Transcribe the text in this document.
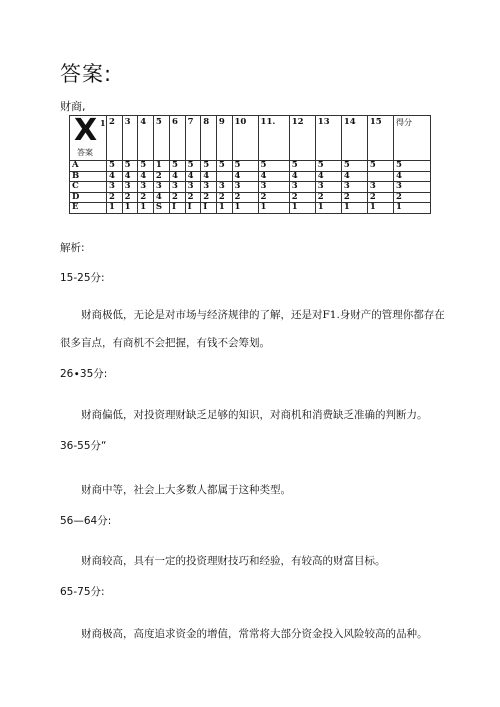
答案:
财商,
X 1
答案	2	3	4	5	6	7	8	9	10	11.	12	13	14	15	得分
A	5	5	5	1	5	5	5	5	5	5	5	5	5	5	5
B	4	4	4	2	4	4	4		4	4	4	4	4		4
C	3	3	3	3	3	3	3	3	3	3	3	3	3	3	3
D	2	2	2	4	2	2	2	2	2	2	2	2	2	2	2
E	1	1	1	S	I	I	I	1	1	1	1	1	1	1	1
解析:
15-25分:
财商极低，无论是对市场与经济规律的了解，还是对F1.身财产的管理你都存在很多盲点，有商机不会把握，有钱不会筹划。
26∙35分:
财商偏低，对投资理财缺乏足够的知识，对商机和消费缺乏准确的判断力。
36-55分“
财商中等，社会上大多数人都属于这种类型。
56—64分:
财商较高，具有一定的投资理财技巧和经验，有较高的财富目标。
65-75分:
财商极高，高度追求资金的增值，常常将大部分资金投入风险较高的品种。
